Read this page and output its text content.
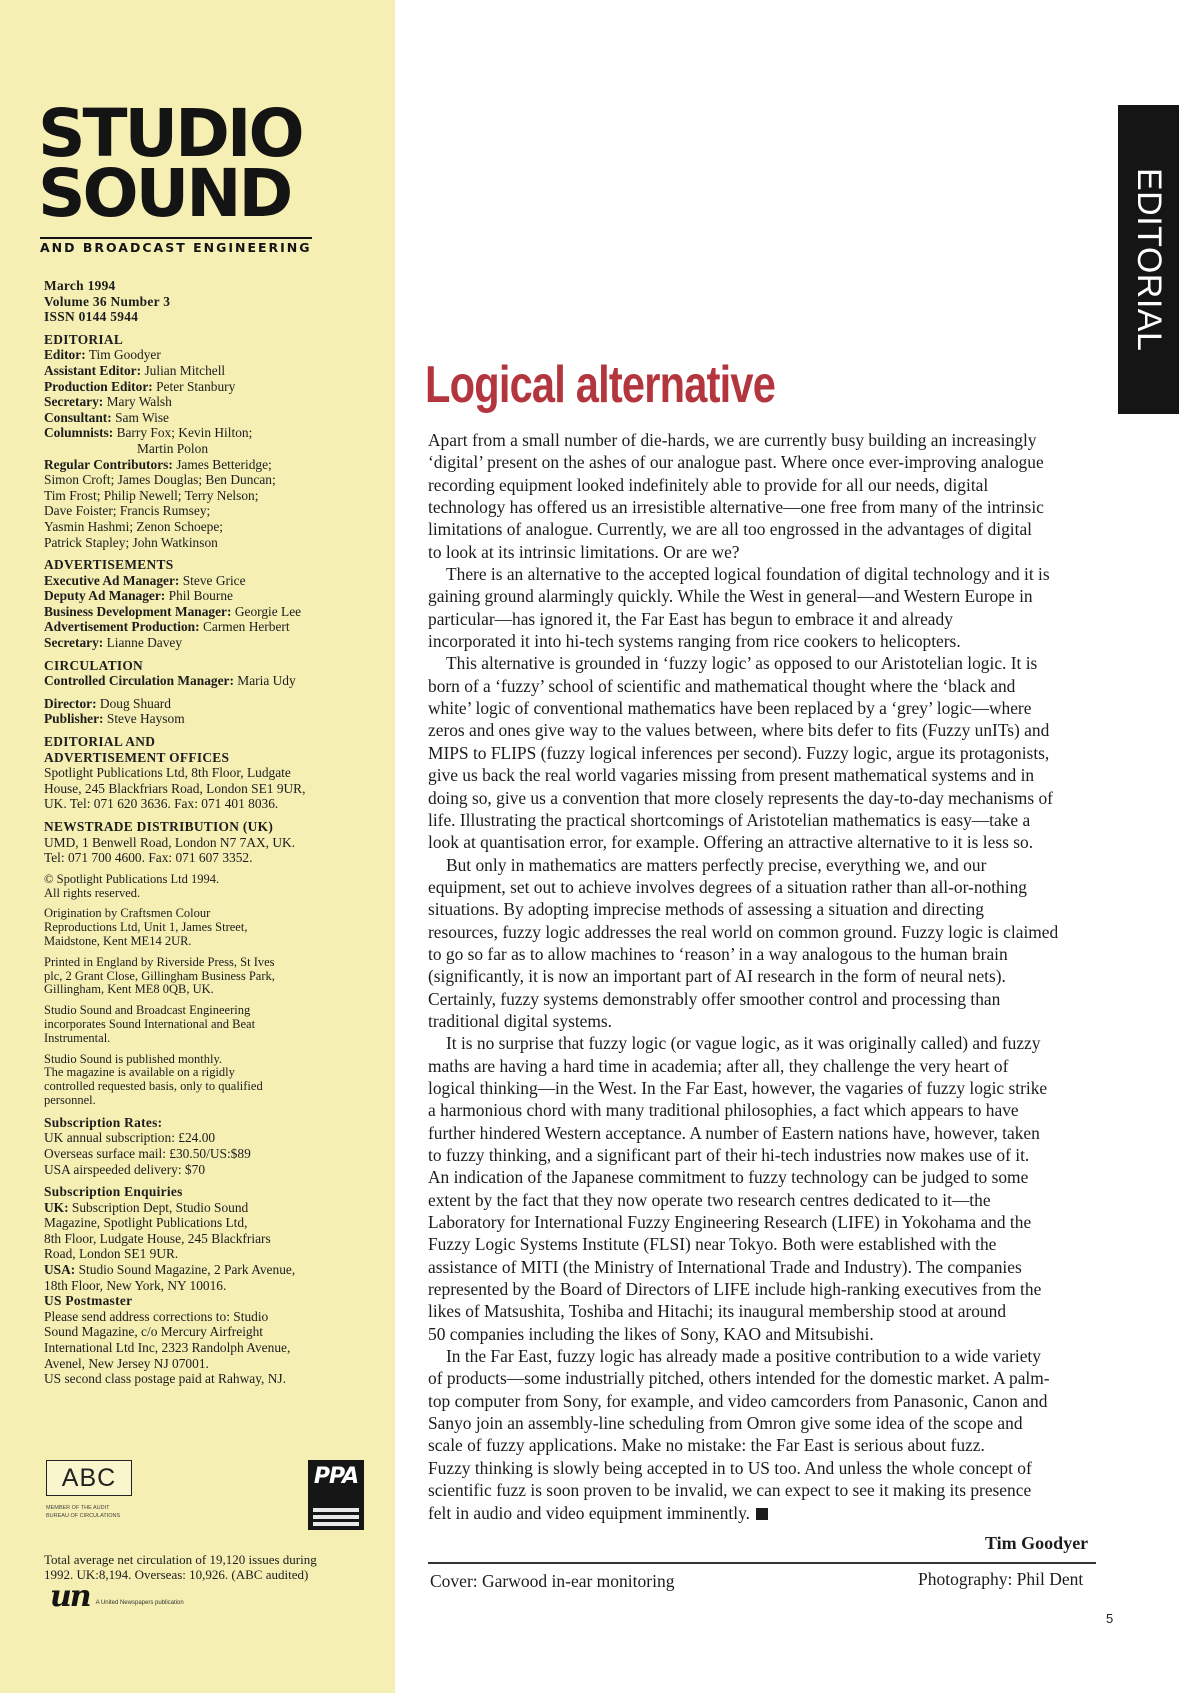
STUDIO
SOUND
AND BROADCAST ENGINEERING
March 1994
Volume 36 Number 3
ISSN 0144 5944
EDITORIAL
Editor: Tim Goodyer
Assistant Editor: Julian Mitchell
Production Editor: Peter Stanbury
Secretary: Mary Walsh
Consultant: Sam Wise
Columnists: Barry Fox; Kevin Hilton;
Martin Polon
Regular Contributors: James Betteridge;
Simon Croft; James Douglas; Ben Duncan;
Tim Frost; Philip Newell; Terry Nelson;
Dave Foister; Francis Rumsey;
Yasmin Hashmi; Zenon Schoepe;
Patrick Stapley; John Watkinson
ADVERTISEMENTS
Executive Ad Manager: Steve Grice
Deputy Ad Manager: Phil Bourne
Business Development Manager: Georgie Lee
Advertisement Production: Carmen Herbert
Secretary: Lianne Davey
CIRCULATION
Controlled Circulation Manager: Maria Udy
Director: Doug Shuard
Publisher: Steve Haysom
EDITORIAL AND
ADVERTISEMENT OFFICES
Spotlight Publications Ltd, 8th Floor, Ludgate
House, 245 Blackfriars Road, London SE1 9UR,
UK. Tel: 071 620 3636. Fax: 071 401 8036.
NEWSTRADE DISTRIBUTION (UK)
UMD, 1 Benwell Road, London N7 7AX, UK.
Tel: 071 700 4600. Fax: 071 607 3352.
© Spotlight Publications Ltd 1994.
All rights reserved.
Origination by Craftsmen Colour
Reproductions Ltd, Unit 1, James Street,
Maidstone, Kent ME14 2UR.
Printed in England by Riverside Press, St Ives
plc, 2 Grant Close, Gillingham Business Park,
Gillingham, Kent ME8 0QB, UK.
Studio Sound and Broadcast Engineering
incorporates Sound International and Beat
Instrumental.
Studio Sound is published monthly.
The magazine is available on a rigidly
controlled requested basis, only to qualified
personnel.
Subscription Rates:
UK annual subscription: £24.00
Overseas surface mail: £30.50/US:$89
USA airspeeded delivery: $70
Subscription Enquiries
UK: Subscription Dept, Studio Sound
Magazine, Spotlight Publications Ltd,
8th Floor, Ludgate House, 245 Blackfriars
Road, London SE1 9UR.
USA: Studio Sound Magazine, 2 Park Avenue,
18th Floor, New York, NY 10016.
US Postmaster
Please send address corrections to: Studio
Sound Magazine, c/o Mercury Airfreight
International Ltd Inc, 2323 Randolph Avenue,
Avenel, New Jersey NJ 07001.
US second class postage paid at Rahway, NJ.
ABC
MEMBER OF THE AUDIT
BUREAU OF CIRCULATIONS
PPA
Total average net circulation of 19,120 issues during
1992. UK:8,194. Overseas: 10,926. (ABC audited)
un A United Newspapers publication
EDITORIAL
Logical alternative
Apart from a small number of die-hards, we are currently busy building an increasingly
‘digital’ present on the ashes of our analogue past. Where once ever-improving analogue
recording equipment looked indefinitely able to provide for all our needs, digital
technology has offered us an irresistible alternative—one free from many of the intrinsic
limitations of analogue. Currently, we are all too engrossed in the advantages of digital
to look at its intrinsic limitations. Or are we?
There is an alternative to the accepted logical foundation of digital technology and it is
gaining ground alarmingly quickly. While the West in general—and Western Europe in
particular—has ignored it, the Far East has begun to embrace it and already
incorporated it into hi-tech systems ranging from rice cookers to helicopters.
This alternative is grounded in ‘fuzzy logic’ as opposed to our Aristotelian logic. It is
born of a ‘fuzzy’ school of scientific and mathematical thought where the ‘black and
white’ logic of conventional mathematics have been replaced by a ‘grey’ logic—where
zeros and ones give way to the values between, where bits defer to fits (Fuzzy unITs) and
MIPS to FLIPS (fuzzy logical inferences per second). Fuzzy logic, argue its protagonists,
give us back the real world vagaries missing from present mathematical systems and in
doing so, give us a convention that more closely represents the day-to-day mechanisms of
life. Illustrating the practical shortcomings of Aristotelian mathematics is easy—take a
look at quantisation error, for example. Offering an attractive alternative to it is less so.
But only in mathematics are matters perfectly precise, everything we, and our
equipment, set out to achieve involves degrees of a situation rather than all-or-nothing
situations. By adopting imprecise methods of assessing a situation and directing
resources, fuzzy logic addresses the real world on common ground. Fuzzy logic is claimed
to go so far as to allow machines to ‘reason’ in a way analogous to the human brain
(significantly, it is now an important part of AI research in the form of neural nets).
Certainly, fuzzy systems demonstrably offer smoother control and processing than
traditional digital systems.
It is no surprise that fuzzy logic (or vague logic, as it was originally called) and fuzzy
maths are having a hard time in academia; after all, they challenge the very heart of
logical thinking—in the West. In the Far East, however, the vagaries of fuzzy logic strike
a harmonious chord with many traditional philosophies, a fact which appears to have
further hindered Western acceptance. A number of Eastern nations have, however, taken
to fuzzy thinking, and a significant part of their hi-tech industries now makes use of it.
An indication of the Japanese commitment to fuzzy technology can be judged to some
extent by the fact that they now operate two research centres dedicated to it—the
Laboratory for International Fuzzy Engineering Research (LIFE) in Yokohama and the
Fuzzy Logic Systems Institute (FLSI) near Tokyo. Both were established with the
assistance of MITI (the Ministry of International Trade and Industry). The companies
represented by the Board of Directors of LIFE include high-ranking executives from the
likes of Matsushita, Toshiba and Hitachi; its inaugural membership stood at around
50 companies including the likes of Sony, KAO and Mitsubishi.
In the Far East, fuzzy logic has already made a positive contribution to a wide variety
of products—some industrially pitched, others intended for the domestic market. A palm-
top computer from Sony, for example, and video camcorders from Panasonic, Canon and
Sanyo join an assembly-line scheduling from Omron give some idea of the scope and
scale of fuzzy applications. Make no mistake: the Far East is serious about fuzz.
Fuzzy thinking is slowly being accepted in to US too. And unless the whole concept of
scientific fuzz is soon proven to be invalid, we can expect to see it making its presence
felt in audio and video equipment imminently.
Tim Goodyer
Cover: Garwood in-ear monitoring	Photography: Phil Dent
5
